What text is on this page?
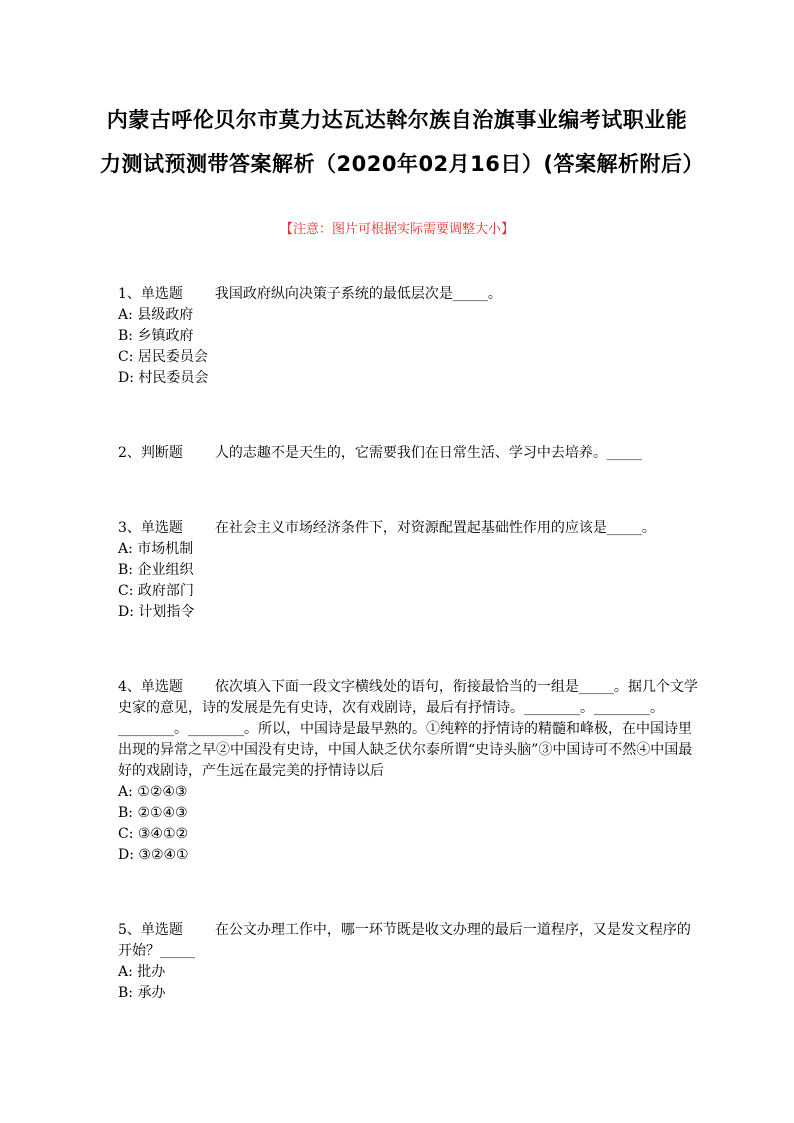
内蒙古呼伦贝尔市莫力达瓦达斡尔族自治旗事业编考试职业能力测试预测带答案解析（2020年02月16日）(答案解析附后）
【注意：图片可根据实际需要调整大小】

1、单选题 我国政府纵向决策子系统的最低层次是_____。

A: 县级政府

B: 乡镇政府

C: 居民委员会

D: 村民委员会

2、判断题 人的志趣不是天生的，它需要我们在日常生活、学习中去培养。_____

3、单选题 在社会主义市场经济条件下，对资源配置起基础性作用的应该是_____。

A: 市场机制

B: 企业组织

C: 政府部门

D: 计划指令

4、单选题 依次填入下面一段文字横线处的语句，衔接最恰当的一组是_____。据几个文学史家的意见，诗的发展是先有史诗，次有戏剧诗，最后有抒情诗。________。________。________。________。所以，中国诗是最早熟的。①纯粹的抒情诗的精髓和峰极，在中国诗里出现的异常之早②中国没有史诗，中国人缺乏伏尔泰所谓“史诗头脑”③中国诗可不然④中国最好的戏剧诗，产生远在最完美的抒情诗以后

A: ①②④③

B: ②①④③

C: ③④①②

D: ③②④①

5、单选题 在公文办理工作中，哪一环节既是收文办理的最后一道程序，又是发文程序的开始？_____

A: 批办

B: 承办
